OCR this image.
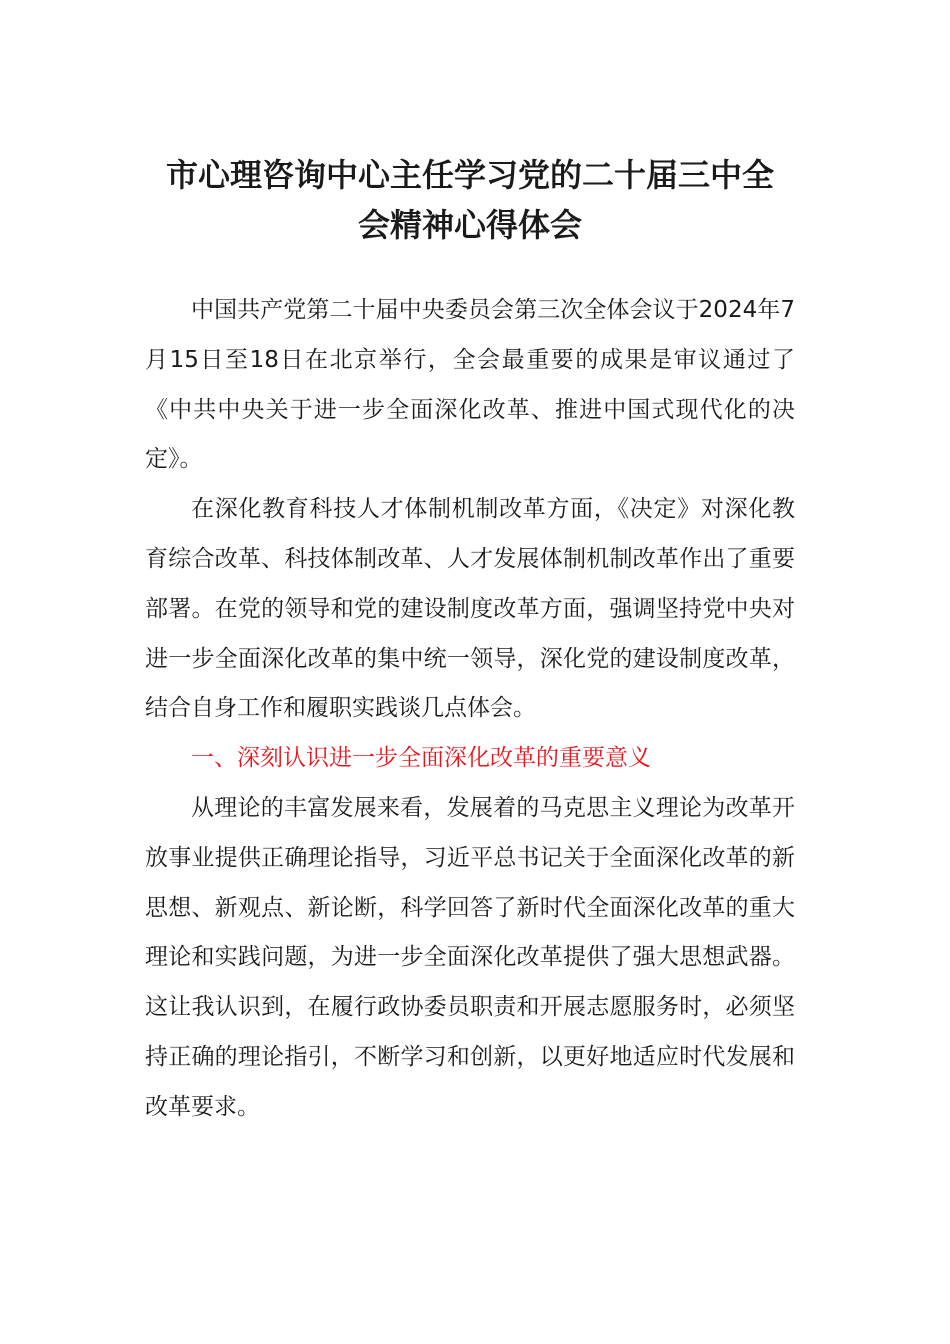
市心理咨询中心主任学习党的二十届三中全
会精神心得体会

中国共产党第二十届中央委员会第三次全体会议于2024年7月15日至18日在北京举行，全会最重要的成果是审议通过了《中共中央关于进一步全面深化改革、推进中国式现代化的决定》。

在深化教育科技人才体制机制改革方面，《决定》对深化教育综合改革、科技体制改革、人才发展体制机制改革作出了重要部署。在党的领导和党的建设制度改革方面，强调坚持党中央对进一步全面深化改革的集中统一领导，深化党的建设制度改革，结合自身工作和履职实践谈几点体会。

一、深刻认识进一步全面深化改革的重要意义

从理论的丰富发展来看，发展着的马克思主义理论为改革开放事业提供正确理论指导，习近平总书记关于全面深化改革的新思想、新观点、新论断，科学回答了新时代全面深化改革的重大理论和实践问题，为进一步全面深化改革提供了强大思想武器。这让我认识到，在履行政协委员职责和开展志愿服务时，必须坚持正确的理论指引，不断学习和创新，以更好地适应时代发展和改革要求。
